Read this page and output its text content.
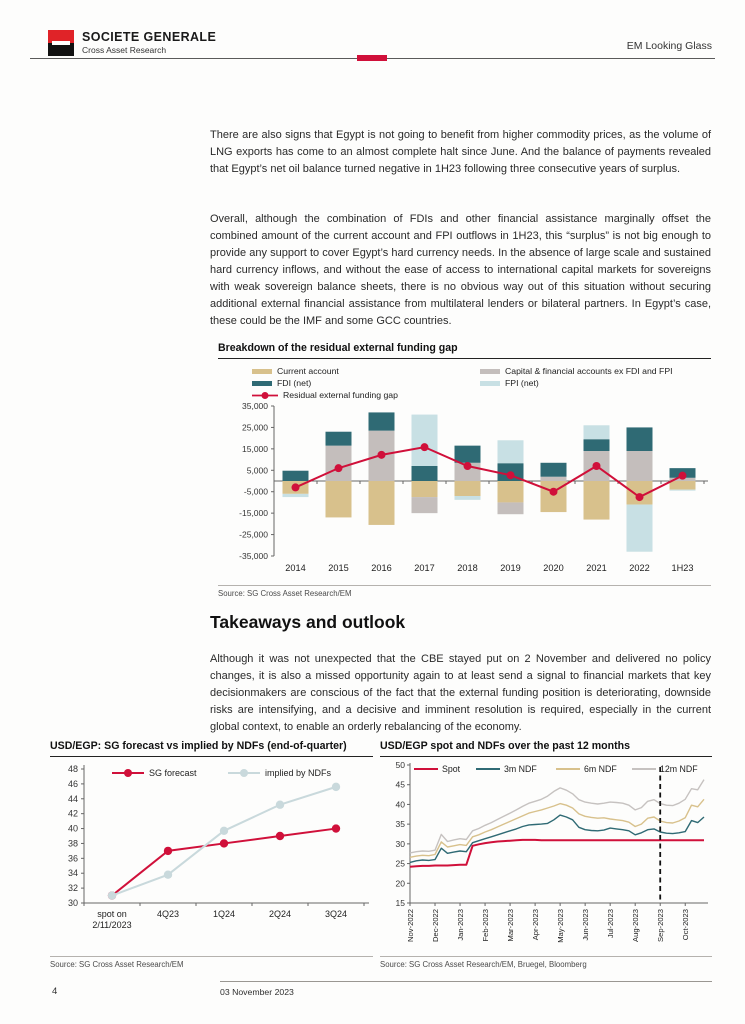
SOCIETE GENERALE
Cross Asset Research	EM Looking Glass

There are also signs that Egypt is not going to benefit from higher commodity prices, as the volume of LNG exports has come to an almost complete halt since June. And the balance of payments revealed that Egypt’s net oil balance turned negative in 1H23 following three consecutive years of surplus.

Overall, although the combination of FDIs and other financial assistance marginally offset the combined amount of the current account and FPI outflows in 1H23, this “surplus” is not big enough to provide any support to cover Egypt’s hard currency needs. In the absence of large scale and sustained hard currency inflows, and without the ease of access to international capital markets for sovereigns with weak sovereign balance sheets, there is no obvious way out of this situation without securing additional external financial assistance from multilateral lenders or bilateral partners. In Egypt’s case, these could be the IMF and some GCC countries.

Breakdown of the residual external funding gap
Current account
FDI (net)
Residual external funding gap
Capital & financial accounts ex FDI and FPI
FPI (net)
-35,000
-25,000
-15,000
-5,000
5,000
15,000
25,000
35,000
2014 2015 2016 2017 2018 2019 2020 2021 2022 1H23
Source: SG Cross Asset Research/EM
Takeaways and outlook

Although it was not unexpected that the CBE stayed put on 2 November and delivered no policy changes, it is also a missed opportunity again to at least send a signal to financial markets that key decisionmakers are conscious of the fact that the external funding position is deteriorating, downside risks are intensifying, and a decisive and imminent resolution is required, especially in the current global context, to enable an orderly rebalancing of the economy.

USD/EGP: SG forecast vs implied by NDFs (end-of-quarter)
30
32
34
36
38
40
42
44
46
48
spot on
2/11/2023
4Q23	1Q24	2Q24	3Q24
SG forecast	implied by NDFs
Source: SG Cross Asset Research/EM
USD/EGP spot and NDFs over the past 12 months
15
20
25
30
35
40
45
50
Nov-2022 Dec-2022 Jan-2023 Feb-2023 Mar-2023 Apr-2023 May-2023 Jun-2023 Jul-2023 Aug-2023 Sep-2023 Oct-2023
Spot	3m NDF	6m NDF	12m NDF
Source: SG Cross Asset Research/EM, Bruegel, Bloomberg
4	03 November 2023
